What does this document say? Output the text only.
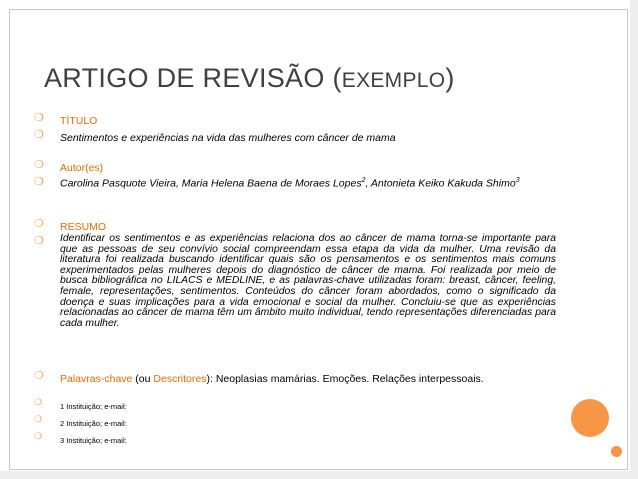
ARTIGO DE REVISÃO (EXEMPLO)
❍ TÍTULO
❍ Sentimentos e experiências na vida das mulheres com câncer de mama
❍ Autor(es)
❍ Carolina Pasquote Vieira, Maria Helena Baena de Moraes Lopes$^2$, Antonieta Keiko Kakuda Shimo$^3$
❍ RESUMO
❍ Identificar os sentimentos e as experiências relaciona dos ao câncer de mama torna-se importante para que as pessoas de seu convívio social compreendam essa etapa da vida da mulher. Uma revisão da literatura foi realizada buscando identificar quais são os pensamentos e os sentimentos mais comuns experimentados pelas mulheres depois do diagnóstico de câncer de mama. Foi realizada por meio de busca bibliográfica no LILACS e MEDLINE, e as palavras-chave utilizadas foram: breast, câncer, feeling, female, representações, sentimentos. Conteúdos do câncer foram abordados, como o significado da doença e suas implicações para a vida emocional e social da mulher. Concluiu-se que as experiências relacionadas ao câncer de mama têm um âmbito muito individual, tendo representações diferenciadas para cada mulher.
❍ Palavras-chave (ou Descritores): Neoplasias mamárias. Emoções. Relações interpessoais.
❍ 1 Instituição; e-mail:
❍ 2 Instituição; e-mail:
❍ 3 Instituição; e-mail:
